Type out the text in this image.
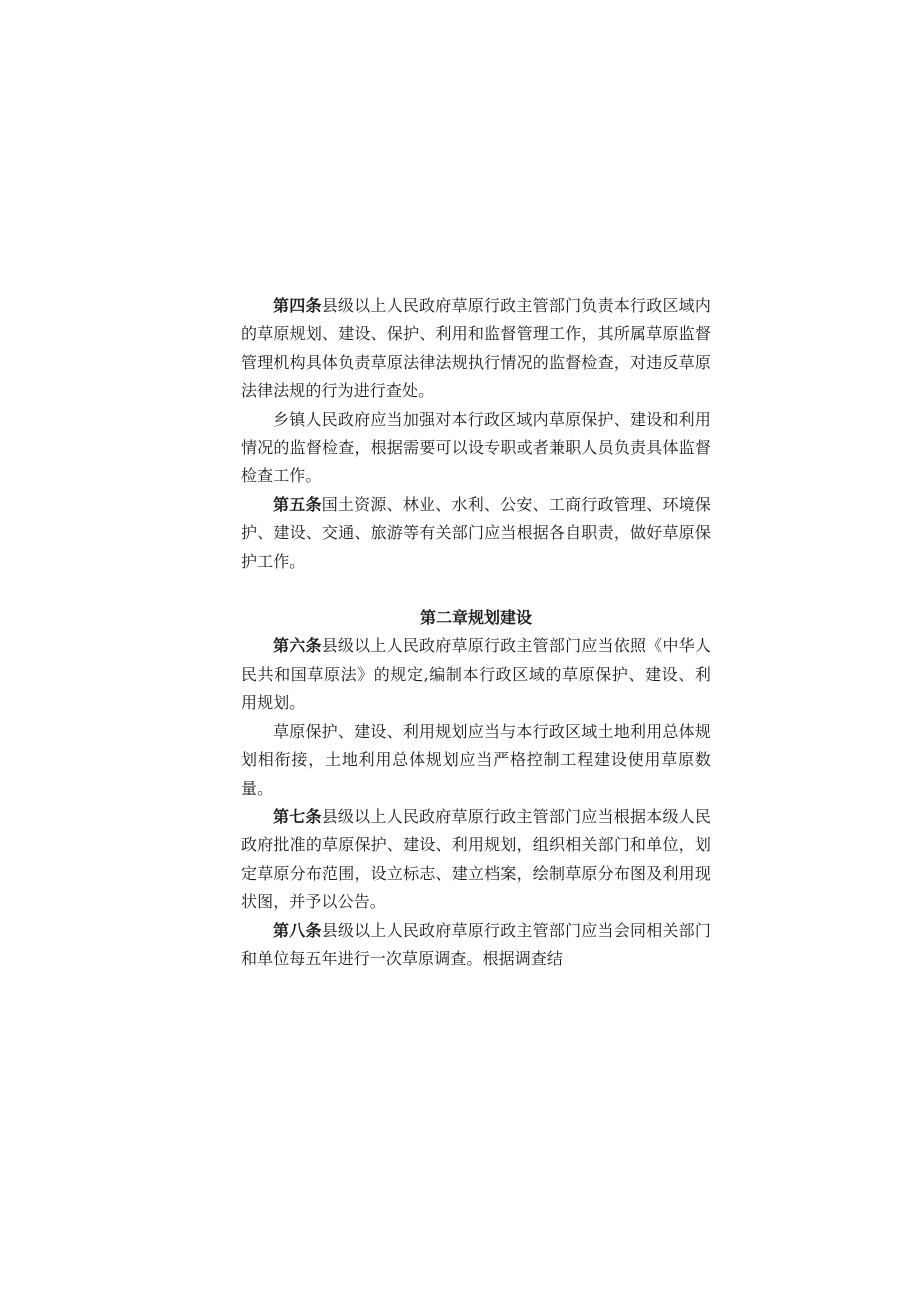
第四条县级以上人民政府草原行政主管部门负责本行政区域内的草原规划、建设、保护、利用和监督管理工作，其所属草原监督管理机构具体负责草原法律法规执行情况的监督检查，对违反草原法律法规的行为进行查处。

乡镇人民政府应当加强对本行政区域内草原保护、建设和利用情况的监督检查，根据需要可以设专职或者兼职人员负责具体监督检查工作。

第五条国土资源、林业、水利、公安、工商行政管理、环境保护、建设、交通、旅游等有关部门应当根据各自职责，做好草原保护工作。

第二章规划建设

第六条县级以上人民政府草原行政主管部门应当依照《中华人民共和国草原法》的规定,编制本行政区域的草原保护、建设、利用规划。

草原保护、建设、利用规划应当与本行政区域土地利用总体规划相衔接，土地利用总体规划应当严格控制工程建设使用草原数量。

第七条县级以上人民政府草原行政主管部门应当根据本级人民政府批准的草原保护、建设、利用规划，组织相关部门和单位，划定草原分布范围，设立标志、建立档案，绘制草原分布图及利用现状图，并予以公告。

第八条县级以上人民政府草原行政主管部门应当会同相关部门和单位每五年进行一次草原调查。根据调查结
